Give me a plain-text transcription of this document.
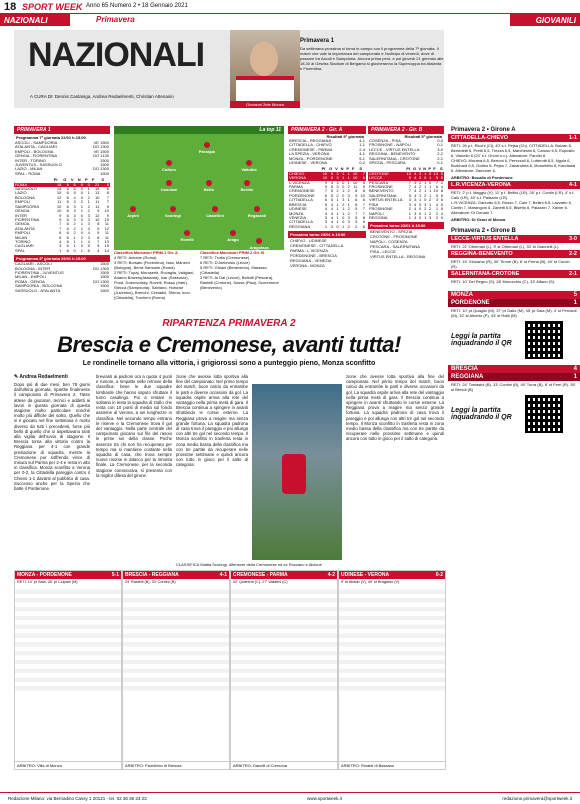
18 SPORT WEEK Anno 65 Numero 2 • 18 Gennaio 2021
NAZIONALI	Primavera	GIOVANILI
NAZIONALI
A CURA DI: Dennis Castaniga, Andrea Redaelmenti, Christian Attenasio
Giovanni Zele Monza
Primavera 1
Da settimana prossima si torna in campo con il programma della 7ª giornata. Il match che vale la importanza del campionato e l'anticipo di venerdì, dove di passare tra Ascoli e Sampdoria. Ancora prima però, e poi giovedì 21 gennaio alle 18.30 al Gewiss Stadium di Bergamo si giocheranno la Supercoppa tra Atalanta e Fiorentina.
PRIMAVERA 1
Programma 7ª giornata 22/01 h.15.00
ASCOLI - SAMPDORIA	VE 1500
ATALANTA - CAGLIARI	DO 1300
EMPOLI - BOLOGNA	VE 1500
GENOA - FIORENTINA	DO 1130
INTER - TORINO	1500
JUVENTUS - SASSUOLO	1500
LAZIO - MILAN	DO 1300
SPAL - ROMA	1500
	PI	G	V	N	P	F	S
ROMA	18	6	6	0	0	21	8
SASSUOLO	15	6	5	0	1	15	8
LAZIO	15	6	5	0	1	13	6
BOLOGNA	12	6	4	0	2	10	7
EMPOLI	11	6	3	2	1	11	7
SAMPDORIA	10	6	3	1	2	11	9
GENOA	10	6	3	1	2	9	10
INTER	9	6	3	0	3	12	9
FIORENTINA	9	6	3	0	3	10	10
GENOA	7	6	2	1	3	8	11
ATALANTA	7	6	2	1	3	9	12
EMPOLI	6	6	2	0	4	9	11
MILAN	5	6	1	2	3	8	11
TORINO	4	6	1	1	4	7	13
CAGLIARI	3	6	1	0	5	5	15
SPAL	1	6	0	1	5	4	14
Programma 8ª giornata 29/01 h.15.00
CAGLIARI - ASCOLI	1500
BOLOGNA - INTER	DO 1300
FIORENTINA - JUVENTUS	1500
MILAN - EMPOLI	1500
ROMA - GENOA	DO 1300
SAMPDORIA - BOLOGNA	1500
SASSUOLO - ATALANTA	1500
La top 11
Parzajuk
Colloro	Vaitulini
Canciani	Brillo	Bertini
Arpini	Scoringi	Castellini	Regazzoli
Rovelli	Arago
Aragolaza
Classifica Marcatori PRIM.1 Gir. A
4 RETI: Antoine (Roma)
3 RETI: Borsato (Fiorentina), Issa, Manzini (Bologna), Berra Samuele (Roma)
2 RETI: Tupaj, Muroseriti, Rovaglia, Vallgiani, Adamo Bowers(Atalanta), Ixar (Sassuolo), Prost, Dobrovolsky, Rovelli, Rosso (Inter), Stecca (Sampdoria), Satriano, Hohowe (Juventus), Brenchi, Cinnatini, Shima, Inou (Cittadella), Torcheni (Roma)
Classifica Marcatori PRIM.2 Gir. B
7 RETI: Trotta (Cremonese)
6 RETI: D'Ambrosio (Lecce)
5 RETI: Ghiani (Benevento), Marasso (Cittadella)
3 RETI: Ai Dai (Lecce), Bellotti (Pescara), Rastelli (Crotone), Sossa (Pisa), Scoremone (Benevento)
PRIMAVERA 2 - Gir. A
Risultati 5ª giornata
BRESCIA - REGGIANA	4-1
CITTADELLA - CHIEVO	1-1
CREMONESE - PARMA	2-4
LA SPEZIA - VERONA	4-1
MONZA - PORDENONE	5-1
UDINESE - VERONA	0-2
	PI	G	V	N	P	F	S
CHIEVO	10	5	3	1	1	10	7
VERONA	10	5	3	1	1	10	6
L.VICENZA	9	4	3	0	1	10	5
PARMA	9	5	3	0	2	11	9
CREMONESE	7	5	2	1	2	8	8
PORDENONE	6	5	2	0	3	9	10
CITTADELLA	6	5	1	3	1	6	6
BRESCIA	5	4	1	2	1	8	7
UDINESE	4	4	1	1	2	5	7
MONZA	4	4	1	1	2	7	7
VENEZIA	3	4	1	0	3	5	8
CITTADELLA	3	4	1	0	3	3	9
REGGIANA	1	3	0	1	2	2	8
Prossimo turno 23/01 h.15.00
CHIEVO - UDINESE
CREMONESE - CITTADELLA
PARMA - L.VICENZA
PORDENONE - BRESCIA
REGGIANA - VENEZIA
VERONA - MONZA
PRIMAVERA 2 - Gir. B
Risultati 5ª giornata
COSENZA - PISA	0-0
FROSINONE - NAPOLI	0-1
LECCE - VIRTUS ENTELLA	3-0
REGGINA - BENEVENTO	2-2
SALERNITANA - CROTONE	2-1
SPEZIA - PESCARA	0-1
	PI	G	V	N	P	F	S
CROTONE	10	4	3	1	0	14	5
LECCE	9	4	3	0	1	9	5
PESCARA	7	3	2	1	0	7	2
FROSINONE	7	4	2	1	1	6	4
BENEVENTO	7	4	2	1	1	10	8
SALERNITANA	5	4	1	2	1	5	6
VIRTUS ENTELLA	3	3	1	0	2	3	6
PISA	3	4	0	3	1	4	5
FROSINONE	2	4	0	2	2	1	5
NAPOLI	1	3	0	1	2	2	4
REGGINA	1	4	0	1	3	2	9
Prossimo turno 23/01 h.15.00
BENEVENTO - SPEZIA
CROTONE - FROSINONE
NAPOLI - COSENZA
PESCARA - SALERNITANA
PISA - LECCE
VIRTUS ENTELLA - REGGINA
Primavera 2 • Girone A
CITTADELLA-CHIEVO	1-1
RETI: 26 p.t. Ricchi (Ci); 40' s.t. Pejsa (Ch). CITTADELLA: Bolzan 6, Benedetti 6, Pretti 6,5, Trezza 6,5, Marchesini 6, Caruso 6,5, Esposito 6, Vianello 6 (20' s.t. Gnoni s.v.). Allenatore: Parolin 6.
CHIEVO: Morana 6,5, Bertoni 6, Perezzoli 6, Lutterotti 6,5, Ngola 6, Burkhard 6,5, Gobbo 6, Pejsa 7, Zanandrea 6, Morseletto 6, Kandadai 6. Allenatore: Zamuner 6.
ARBITRO: Bocallo di Pordenone
L.R.VICENZA-VERONA	4-1
RETI: 2' p.t. Maggio (V), 11' p.t. Bellini (LR), 26' p.t. Contin (LR), 4' s.t. Calò (LR), 40' s.t. Palazzin (LR).
L.R.VICENZA: Garzotto 6,5, Rosso 7, Calò 7, Bellini 6,5, Lazzarin 6, Contin 7, Marangoni 6, Zanetti 6,5, Bisetto 6, Palazzin 7, Xavier 6. Allenatore: Di Donato 7.
ARBITRO: Di Graci di Monza
Primavera 2 • Girone B
LECCE-VIRTUS ENTELLA	3-0
RETI: 22' Oltremari (L), 9' st Oltremari (L), 33' st Giannelli (L).
REGGINA-BENEVENTO	2-2
RETI: 15' Girolamo (R), 30' Tirone (B), 8' st Perna (B), 40' st Curcio (R).
SALERNITANA-CROTONE	2-1
RETI: 10' Del Regno (S), 28' Monorchio (C), 33' Alfano (S).
MONZA	5
PORDENONE	1
RETI: 10' pt Quaglio (M), 37' pt Gallo (M), 45' pt Sala (M), 4' st Ferraioli (M), 32' st Alberto (P), 43' st Ratti (M)
Leggi la partita inquadrando il QR
BRESCIA	4
REGGIANA	1
RETI: 24' Tomasini (B), 33' Contini (B), 40' Turra (B), 8' st Ferri (R), 35' st Bertoli (B)
Leggi la partita inquadrando il QR
RIPARTENZA PRIMAVERA 2
Brescia e Cremonese, avanti tutta!
Le rondinelle tornano alla vittoria, i grigiorossi sono a punteggio pieno, Monza sconfitto
✎ Andrea Redaelmenti
Dopo più di due mesi, ben 78 giorni dall'ultima giornata, ripartite finalmente il campionato di Primavera 2. Tante attese da giocatori, tecnici e addetti ai lavori in questa giornata di questa stagione molto particolare nonché molto più difficile del solito. Quello che si è giocato nel fine settimana è molto diverso da tutti i precedenti, forse più bello di quello che si aspettavano tanti alla vigilia dell'avvio di stagione. Il Brescia torna alla vittoria contro la Reggiana per 4-1 con grande prestazione di squadra, mentre la Cremonese pur soffrendo vince di misura sul Parma per 2-4 e resta in alto in classifica. Monza sconfitto a Verona per 0-2, la Cittadella pareggia contro il Chievo 1-1 davanti al pubblico di casa. Successo anche per la Spezia che batte il Pordenone.
brevianti ai padroni ora a quota 4 punti e rumore, a rimpatto nelle retrovie della classifica: bene le due squadre lombarde che hanno saputo sfruttare il turno casalingo. Poi a restare in solitaria in testa la squadra di Gallo che resta con 10 punti di media sul fondo assieme al Verona, a sei lunghezze in classifica. Nel secondo tempo entrano le riserve e la Cremonese trova il gol del vantaggio. Nella parte centrale del campionato giocano sul filo del rasoio le prime sei della classe. Poche assenze tra chi non ha recuperato per tempo ma si mantiene costante nella squadra di casa, che trova sempre nuove risorse in attacco per la rimonta finale. La Cremonese, per la seconda stagione consecutiva, si presenta con la miglior difesa del girone.
zione che avesse lotta sportiva alla fine del campionato. Nel primo tempo del match, buon calcio da entrambe le parti e diverse occasioni da gol. La squadra ospite arriva alla rete del vantaggio nella prima metà di gara. Il Brescia continua a spingere in avanti sfruttando le corsie esterne. La Reggiana prova a reagire ma senza grande fortuna. La squadra padrona di casa trova il pareggio e poi allunga con altri tre gol nel secondo tempo. Il Monza sconfitto in trasferta resta in zona medio bassa della classifica ma con tre partite da recuperare nelle prossime settimane e quindi ancora con tutto in gioco per il salto di categoria.
CLASSIFICA Mattia Scoringi, difensore della Cremonese ed ex Rozzano e Alcione
zione che avesse lotta sportiva alla fine del campionato. Nel primo tempo del match, buon calcio da entrambe le parti e diverse occasioni da gol. La squadra ospite arriva alla rete del vantaggio nella prima metà di gara. Il Brescia continua a spingere in avanti sfruttando le corsie esterne. La Reggiana prova a reagire ma senza grande fortuna. La squadra padrona di casa trova il pareggio e poi allunga con altri tre gol nel secondo tempo. Il Monza sconfitto in trasferta resta in zona medio bassa della classifica ma con tre partite da recuperare nelle prossime settimane e quindi ancora con tutto in gioco per il salto di categoria.
MONZA - PORDENONE	5-1
RETI: 10' pt Sala, 26' pt Colpani (M)
ARBITRO: Villa di Monza
BRESCIA - REGGIANA	4-1
24' Rastelli (B), 33' Contini (B)
ARBITRO: Paonibbio di Brescia
CREMONESE - PARMA	4-2
22' Quarena (C), 27' Vallatini (C)
ARBITRO: Danelli di Cremona
UDINESE - VERONA	0-2
9' st Abado (V), 40' st Braganto (V)
ARBITRO: Rinaldi di Bassano
Redazione Milano: via Bernadino Cassy 1 20121 - tel. 02 36 36 23 23	www.sportweek.it	redazione.primavera@sportweek.it
